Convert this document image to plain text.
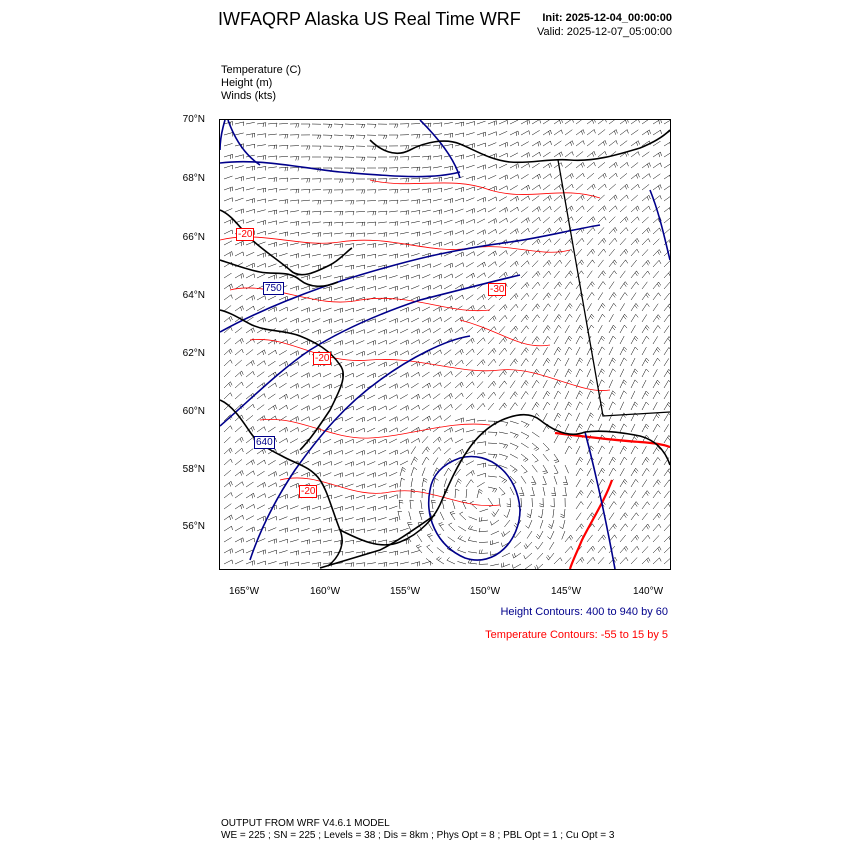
IWFAQRP Alaska US Real Time WRF Init: 2025-12-04_00:00:00
Valid: 2025-12-07_05:00:00
Temperature (C)
Height (m)
Winds (kts)
70°N
68°N
66°N
64°N
62°N
60°N
58°N
56°N
165°W	160°W	155°W	150°W	145°W	140°W
750
640
-20
-30
-20
-20
Height Contours: 400 to 940 by 60
Temperature Contours: -55 to 15 by 5
OUTPUT FROM WRF V4.6.1 MODEL
WE = 225 ; SN = 225 ; Levels = 38 ; Dis = 8km ; Phys Opt = 8 ; PBL Opt = 1 ; Cu Opt = 3
